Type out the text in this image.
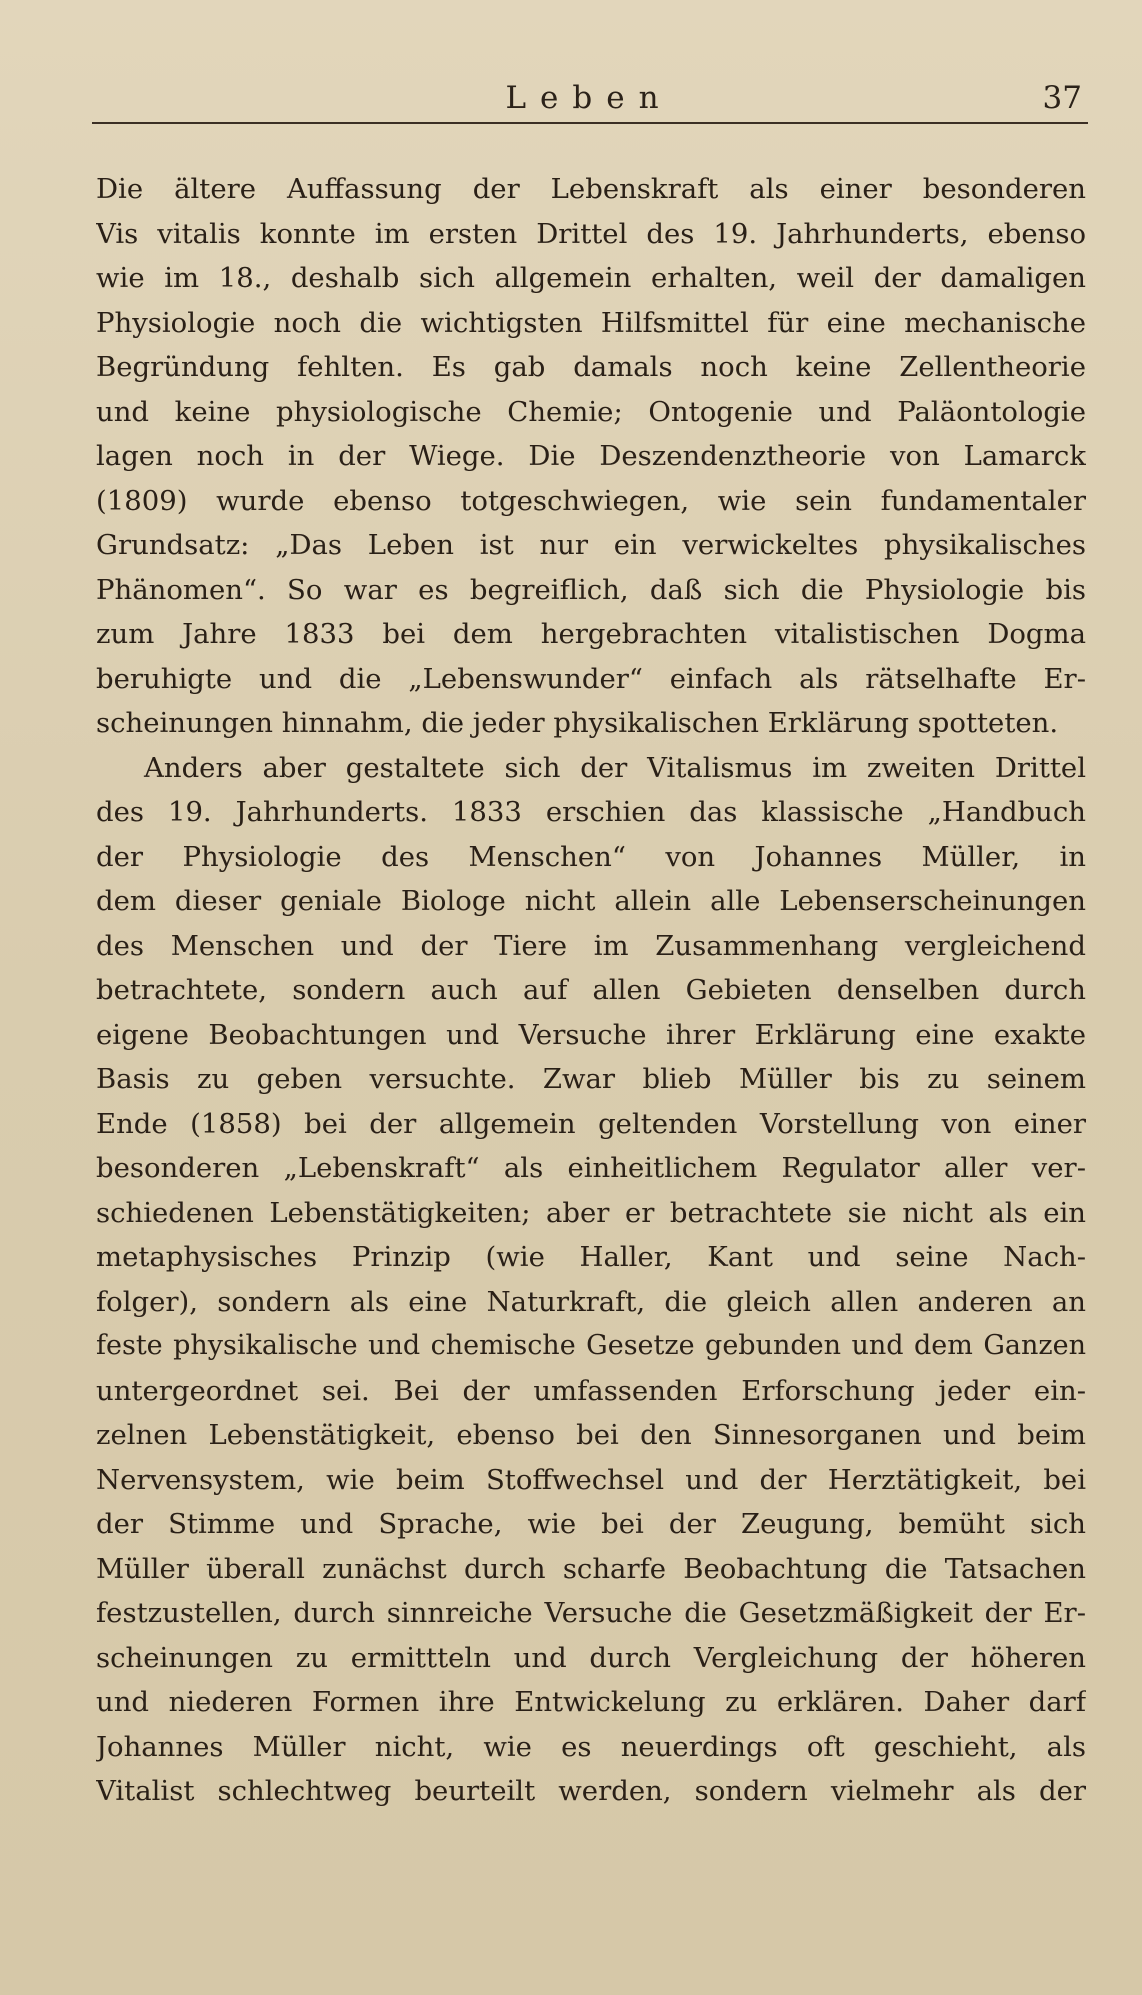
Leben	37
Die ältere Auffassung der Lebenskraft als einer besonderen
Vis vitalis konnte im ersten Drittel des 19. Jahrhunderts, ebenso
wie im 18., deshalb sich allgemein erhalten, weil der damaligen
Physiologie noch die wichtigsten Hilfsmittel für eine mechanische
Begründung fehlten. Es gab damals noch keine Zellentheorie
und keine physiologische Chemie; Ontogenie und Paläontologie
lagen noch in der Wiege. Die Deszendenztheorie von Lamarck
(1809) wurde ebenso totgeschwiegen, wie sein fundamentaler
Grundsatz: „Das Leben ist nur ein verwickeltes physikalisches
Phänomen“. So war es begreiflich, daß sich die Physiologie bis
zum Jahre 1833 bei dem hergebrachten vitalistischen Dogma
beruhigte und die „Lebenswunder“ einfach als rätselhafte Er-
scheinungen hinnahm, die jeder physikalischen Erklärung spotteten.
Anders aber gestaltete sich der Vitalismus im zweiten Drittel
des 19. Jahrhunderts. 1833 erschien das klassische „Handbuch
der Physiologie des Menschen“ von Johannes Müller, in
dem dieser geniale Biologe nicht allein alle Lebenserscheinungen
des Menschen und der Tiere im Zusammenhang vergleichend
betrachtete, sondern auch auf allen Gebieten denselben durch
eigene Beobachtungen und Versuche ihrer Erklärung eine exakte
Basis zu geben versuchte. Zwar blieb Müller bis zu seinem
Ende (1858) bei der allgemein geltenden Vorstellung von einer
besonderen „Lebenskraft“ als einheitlichem Regulator aller ver-
schiedenen Lebenstätigkeiten; aber er betrachtete sie nicht als ein
metaphysisches Prinzip (wie Haller, Kant und seine Nach-
folger), sondern als eine Naturkraft, die gleich allen anderen an
feste physikalische und chemische Gesetze gebunden und dem Ganzen
untergeordnet sei. Bei der umfassenden Erforschung jeder ein-
zelnen Lebenstätigkeit, ebenso bei den Sinnesorganen und beim
Nervensystem, wie beim Stoffwechsel und der Herztätigkeit, bei
der Stimme und Sprache, wie bei der Zeugung, bemüht sich
Müller überall zunächst durch scharfe Beobachtung die Tatsachen
festzustellen, durch sinnreiche Versuche die Gesetzmäßigkeit der Er-
scheinungen zu ermittteln und durch Vergleichung der höheren
und niederen Formen ihre Entwickelung zu erklären. Daher darf
Johannes Müller nicht, wie es neuerdings oft geschieht, als
Vitalist schlechtweg beurteilt werden, sondern vielmehr als der
